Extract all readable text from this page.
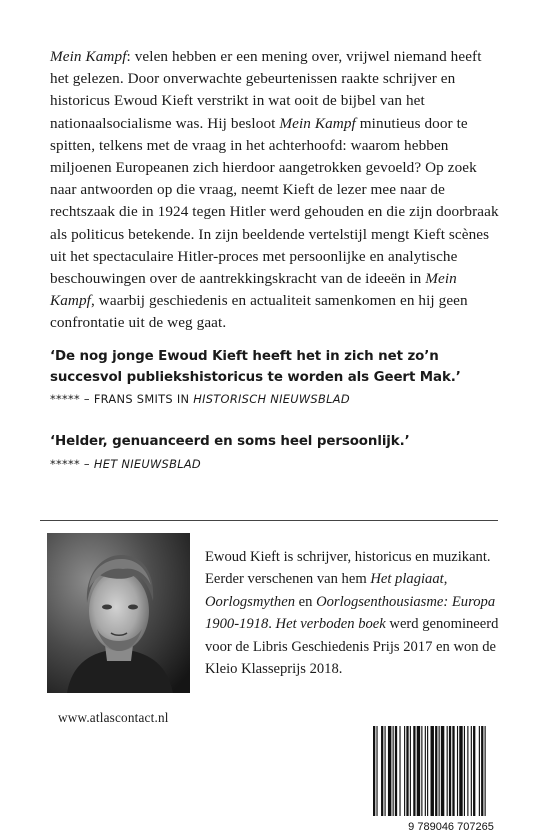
Mein Kampf: velen hebben er een mening over, vrijwel niemand heeft het gelezen. Door onverwachte gebeurtenissen raakte schrijver en historicus Ewoud Kieft verstrikt in wat ooit de bijbel van het nationaalsocialisme was. Hij besloot Mein Kampf minutieus door te spitten, telkens met de vraag in het achterhoofd: waarom hebben miljoenen Europeanen zich hierdoor aangetrokken gevoeld? Op zoek naar antwoorden op die vraag, neemt Kieft de lezer mee naar de rechtszaak die in 1924 tegen Hitler werd gehouden en die zijn doorbraak als politicus betekende. In zijn beeldende vertelstijl mengt Kieft scènes uit het spectaculaire Hitler-proces met persoonlijke en analytische beschouwingen over de aantrekkingskracht van de ideeën in Mein Kampf, waarbij geschiedenis en actualiteit samenkomen en hij geen confrontatie uit de weg gaat.

‘De nog jonge Ewoud Kieft heeft het in zich net zo’n succesvol publiekshistoricus te worden als Geert Mak.’
***** – FRANS SMITS IN HISTORISCH NIEUWSBLAD
‘Helder, genuanceerd en soms heel persoonlijk.’
***** – HET NIEUWSBLAD
Ewoud Kieft is schrijver, historicus en muzikant. Eerder verschenen van hem Het plagiaat, Oorlogsmythen en Oorlogsenthousiasme: Europa 1900-1918. Het verboden boek werd genomineerd voor de Libris Geschiedenis Prijs 2017 en won de Kleio Klasseprijs 2018.
www.atlascontact.nl
9 789046 707265
